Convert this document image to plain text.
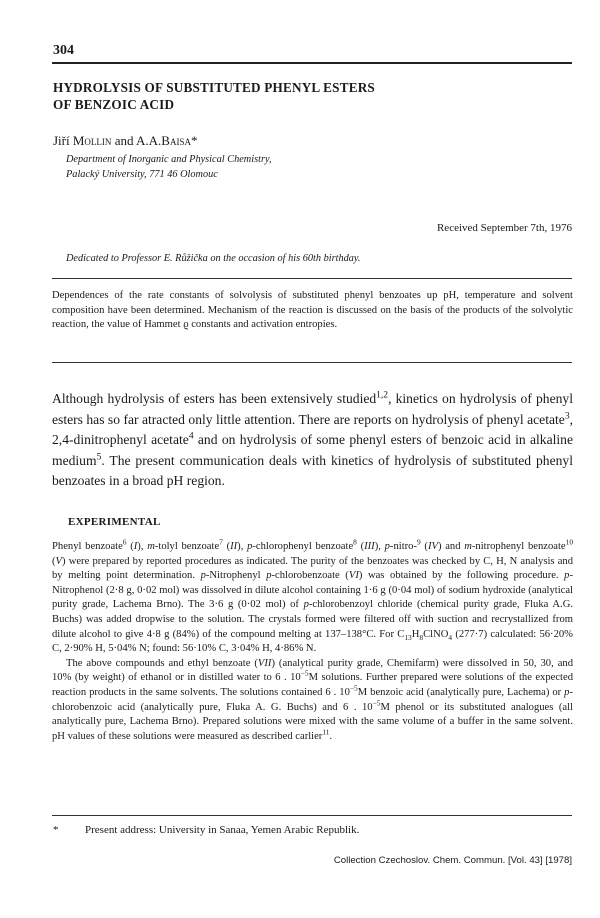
304
HYDROLYSIS OF SUBSTITUTED PHENYL ESTERS
OF BENZOIC ACID
Jiří Mollin and A.A.Baisa*
Department of Inorganic and Physical Chemistry,
Palacký University, 771 46 Olomouc
Received September 7th, 1976
Dedicated to Professor E. Růžička on the occasion of his 60th birthday.
Dependences of the rate constants of solvolysis of substituted phenyl benzoates up pH, temperature and solvent composition have been determined. Mechanism of the reaction is discussed on the basis of the products of the solvolytic reaction, the value of Hammet ϱ constants and activation entropies.
Although hydrolysis of esters has been extensively studied$^{1,2}$, kinetics on hydrolysis of phenyl esters has so far atracted only little attention. There are reports on hydrolysis of phenyl acetate$^3$, 2,4-dinitrophenyl acetate$^4$ and on hydrolysis of some phenyl esters of benzoic acid in alkaline medium$^5$. The present communication deals with kinetics of hydrolysis of substituted phenyl benzoates in a broad pH region.
EXPERIMENTAL

Phenyl benzoate$^6$ (I), m-tolyl benzoate$^7$ (II), p-chlorophenyl benzoate$^8$ (III), p-nitro-$^9$ (IV) and m-nitrophenyl benzoate$^{10}$ (V) were prepared by reported procedures as indicated. The purity of the benzoates was checked by C, H, N analysis and by melting point determination. p-Nitrophenyl p-chlorobenzoate (VI) was obtained by the following procedure. p-Nitrophenol (2·8 g, 0·02 mol) was dissolved in dilute alcohol containing 1·6 g (0·04 mol) of sodium hydroxide (analytical purity grade, Lachema Brno). The 3·6 g (0·02 mol) of p-chlorobenzoyl chloride (chemical purity grade, Fluka A.G. Buchs) was added dropwise to the solution. The crystals formed were filtered off with suction and recrystallized from dilute alcohol to give 4·8 g (84%) of the compound melting at 137–138°C. For $C_{13}H_8ClNO_4$ (277·7) calculated: 56·20% C, 2·90% H, 5·04% N; found: 56·10% C, 3·04% H, 4·86% N.

The above compounds and ethyl benzoate (VII) (analytical purity grade, Chemifarm) were dissolved in 50, 30, and 10% (by weight) of ethanol or in distilled water to 6 . $10^{-5}M$ solutions. Further prepared were solutions of the expected reaction products in the same solvents. The solutions contained 6 . $10^{-5}M$ benzoic acid (analytically pure, Lachema) or p-chlorobenzoic acid (analytically pure, Fluka A. G. Buchs) and 6 . $10^{-5}M$ phenol or its substituted analogues (all analytically pure, Lachema Brno). Prepared solutions were mixed with the same volume of a buffer in the same solvent. pH values of these solutions were measured as described carlier$^{11}$.

* Present address: University in Sanaa, Yemen Arabic Republik.
Collection Czechoslov. Chem. Commun. [Vol. 43] [1978]
